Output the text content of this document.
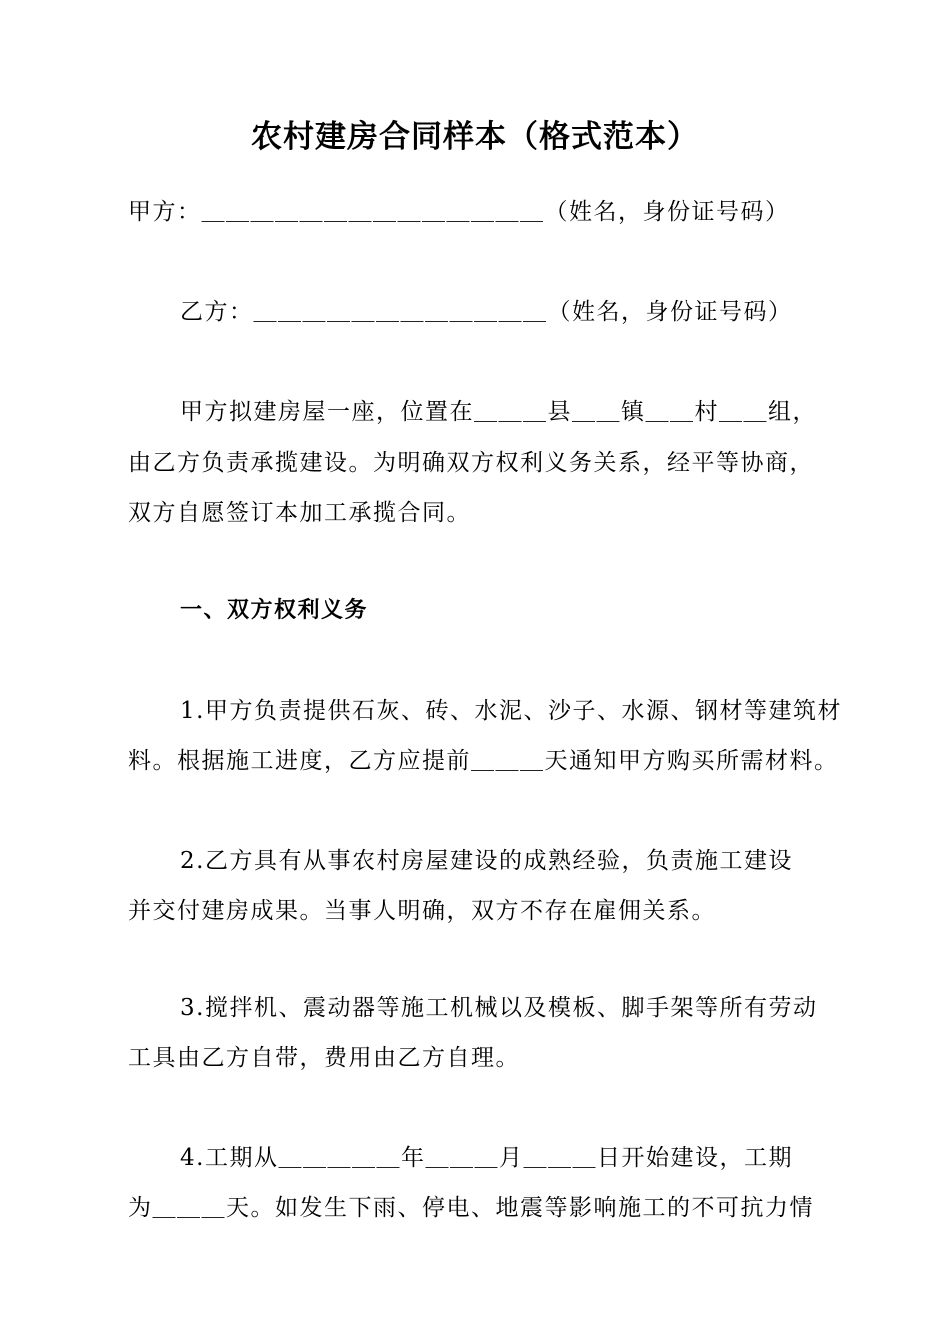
农村建房合同样本（格式范本）
甲方：＿＿＿＿＿＿＿＿＿＿＿＿＿＿（姓名，身份证号码）
乙方：＿＿＿＿＿＿＿＿＿＿＿＿（姓名，身份证号码）
甲方拟建房屋一座，位置在＿＿＿县＿＿镇＿＿村＿＿组，
由乙方负责承揽建设。为明确双方权利义务关系，经平等协商，
双方自愿签订本加工承揽合同。
一、双方权利义务
1.甲方负责提供石灰、砖、水泥、沙子、水源、钢材等建筑材
料。根据施工进度，乙方应提前＿＿＿天通知甲方购买所需材料。
2.乙方具有从事农村房屋建设的成熟经验，负责施工建设
并交付建房成果。当事人明确，双方不存在雇佣关系。
3.搅拌机、震动器等施工机械以及模板、脚手架等所有劳动
工具由乙方自带，费用由乙方自理。
4.工期从＿＿＿＿＿年＿＿＿月＿＿＿日开始建设，工期
为＿＿＿天。如发生下雨、停电、地震等影响施工的不可抗力情
